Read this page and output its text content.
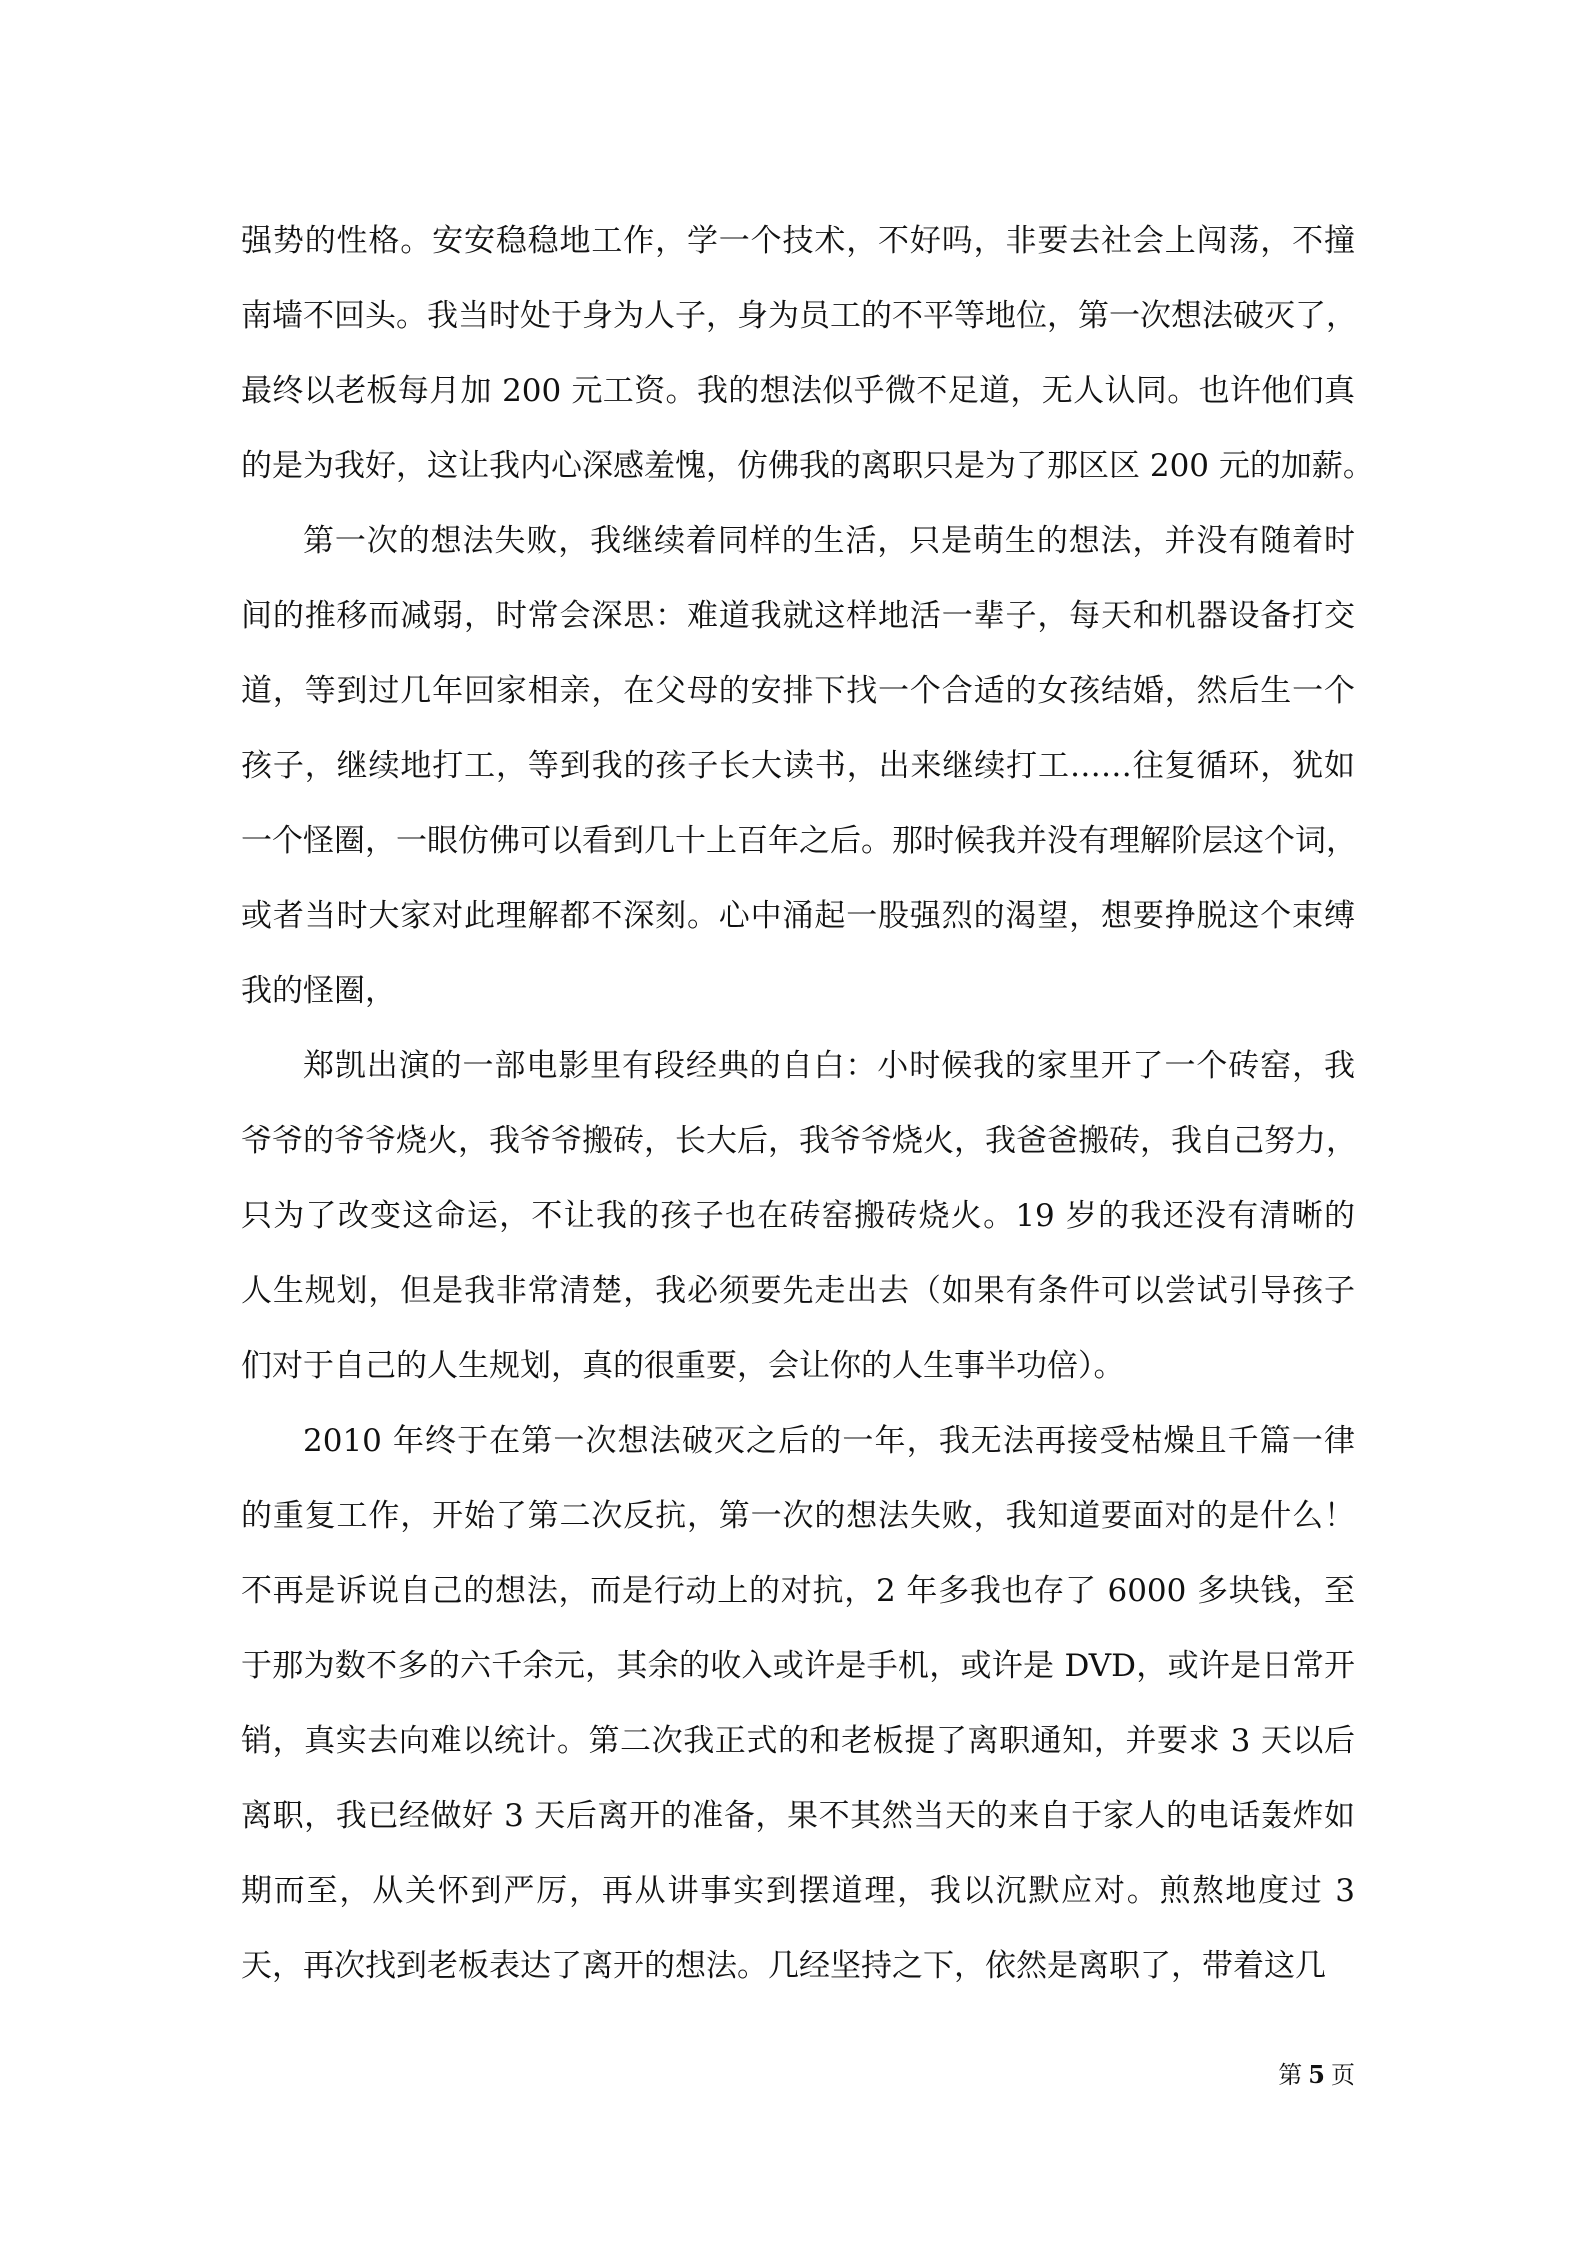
强势的性格。安安稳稳地工作，学一个技术，不好吗，非要去社会上闯荡，不撞
南墙不回头。我当时处于身为人子，身为员工的不平等地位，第一次想法破灭了，
最终以老板每月加 200 元工资。我的想法似乎微不足道，无人认同。也许他们真
的是为我好，这让我内心深感羞愧，仿佛我的离职只是为了那区区 200 元的加薪。
第一次的想法失败，我继续着同样的生活，只是萌生的想法，并没有随着时
间的推移而减弱，时常会深思：难道我就这样地活一辈子，每天和机器设备打交
道，等到过几年回家相亲，在父母的安排下找一个合适的女孩结婚，然后生一个
孩子，继续地打工，等到我的孩子长大读书，出来继续打工……往复循环，犹如
一个怪圈，一眼仿佛可以看到几十上百年之后。那时候我并没有理解阶层这个词，
或者当时大家对此理解都不深刻。心中涌起一股强烈的渴望，想要挣脱这个束缚
我的怪圈，
郑凯出演的一部电影里有段经典的自白：小时候我的家里开了一个砖窑，我
爷爷的爷爷烧火，我爷爷搬砖，长大后，我爷爷烧火，我爸爸搬砖，我自己努力，
只为了改变这命运，不让我的孩子也在砖窑搬砖烧火。19 岁的我还没有清晰的
人生规划，但是我非常清楚，我必须要先走出去（如果有条件可以尝试引导孩子
们对于自己的人生规划，真的很重要，会让你的人生事半功倍）。
2010 年终于在第一次想法破灭之后的一年，我无法再接受枯燥且千篇一律
的重复工作，开始了第二次反抗，第一次的想法失败，我知道要面对的是什么！
不再是诉说自己的想法，而是行动上的对抗，2 年多我也存了 6000 多块钱，至
于那为数不多的六千余元，其余的收入或许是手机，或许是 DVD，或许是日常开
销，真实去向难以统计。第二次我正式的和老板提了离职通知，并要求 3 天以后
离职，我已经做好 3 天后离开的准备，果不其然当天的来自于家人的电话轰炸如
期而至，从关怀到严厉，再从讲事实到摆道理，我以沉默应对。煎熬地度过 3
天，再次找到老板表达了离开的想法。几经坚持之下，依然是离职了，带着这几
第 5 页
